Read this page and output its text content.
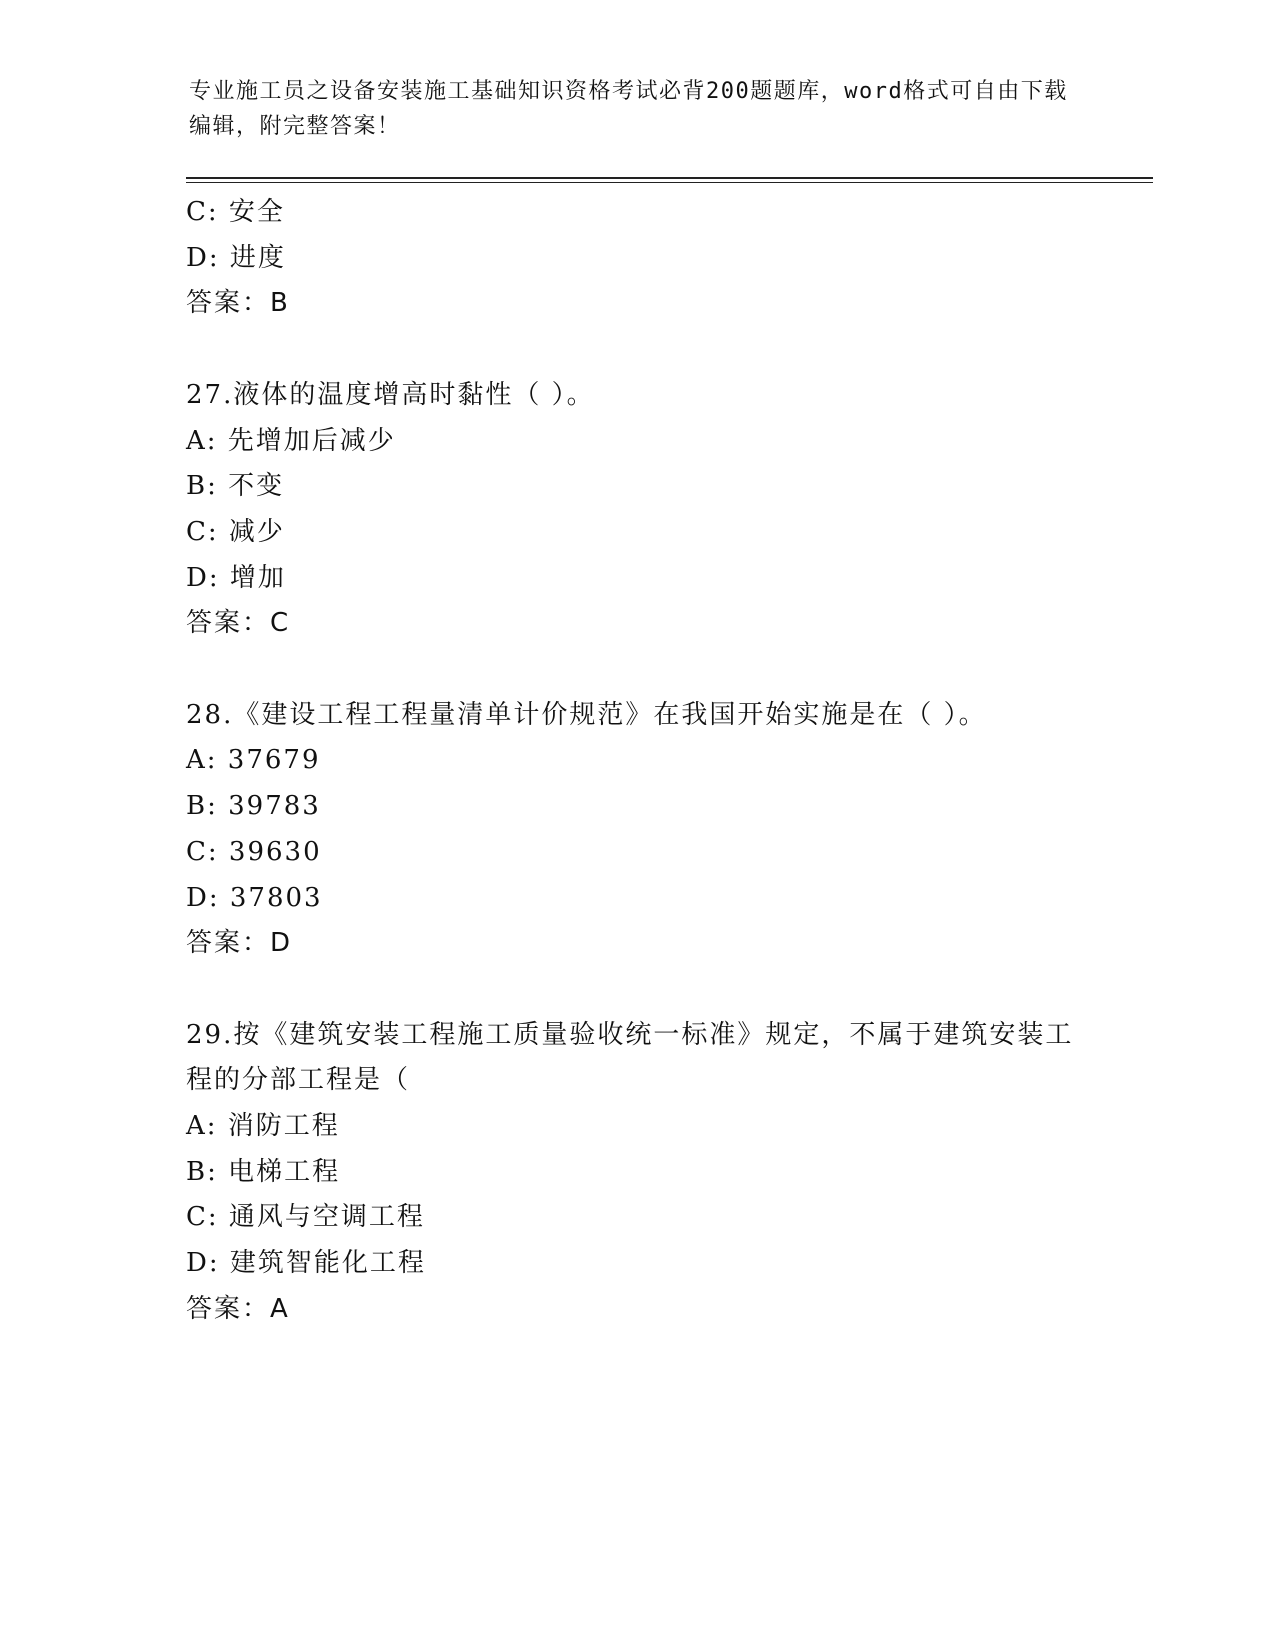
专业施工员之设备安装施工基础知识资格考试必背200题题库，word格式可自由下载编辑，附完整答案！
C: 安全
D: 进度
答案：B
27.液体的温度增高时黏性（ ）。
A: 先增加后减少
B: 不变
C: 减少
D: 增加
答案：C
28.《建设工程工程量清单计价规范》在我国开始实施是在（ ）。
A: 37679
B: 39783
C: 39630
D: 37803
答案：D
29.按《建筑安装工程施工质量验收统一标准》规定，不属于建筑安装工程的分部工程是（
A: 消防工程
B: 电梯工程
C: 通风与空调工程
D: 建筑智能化工程
答案：A
